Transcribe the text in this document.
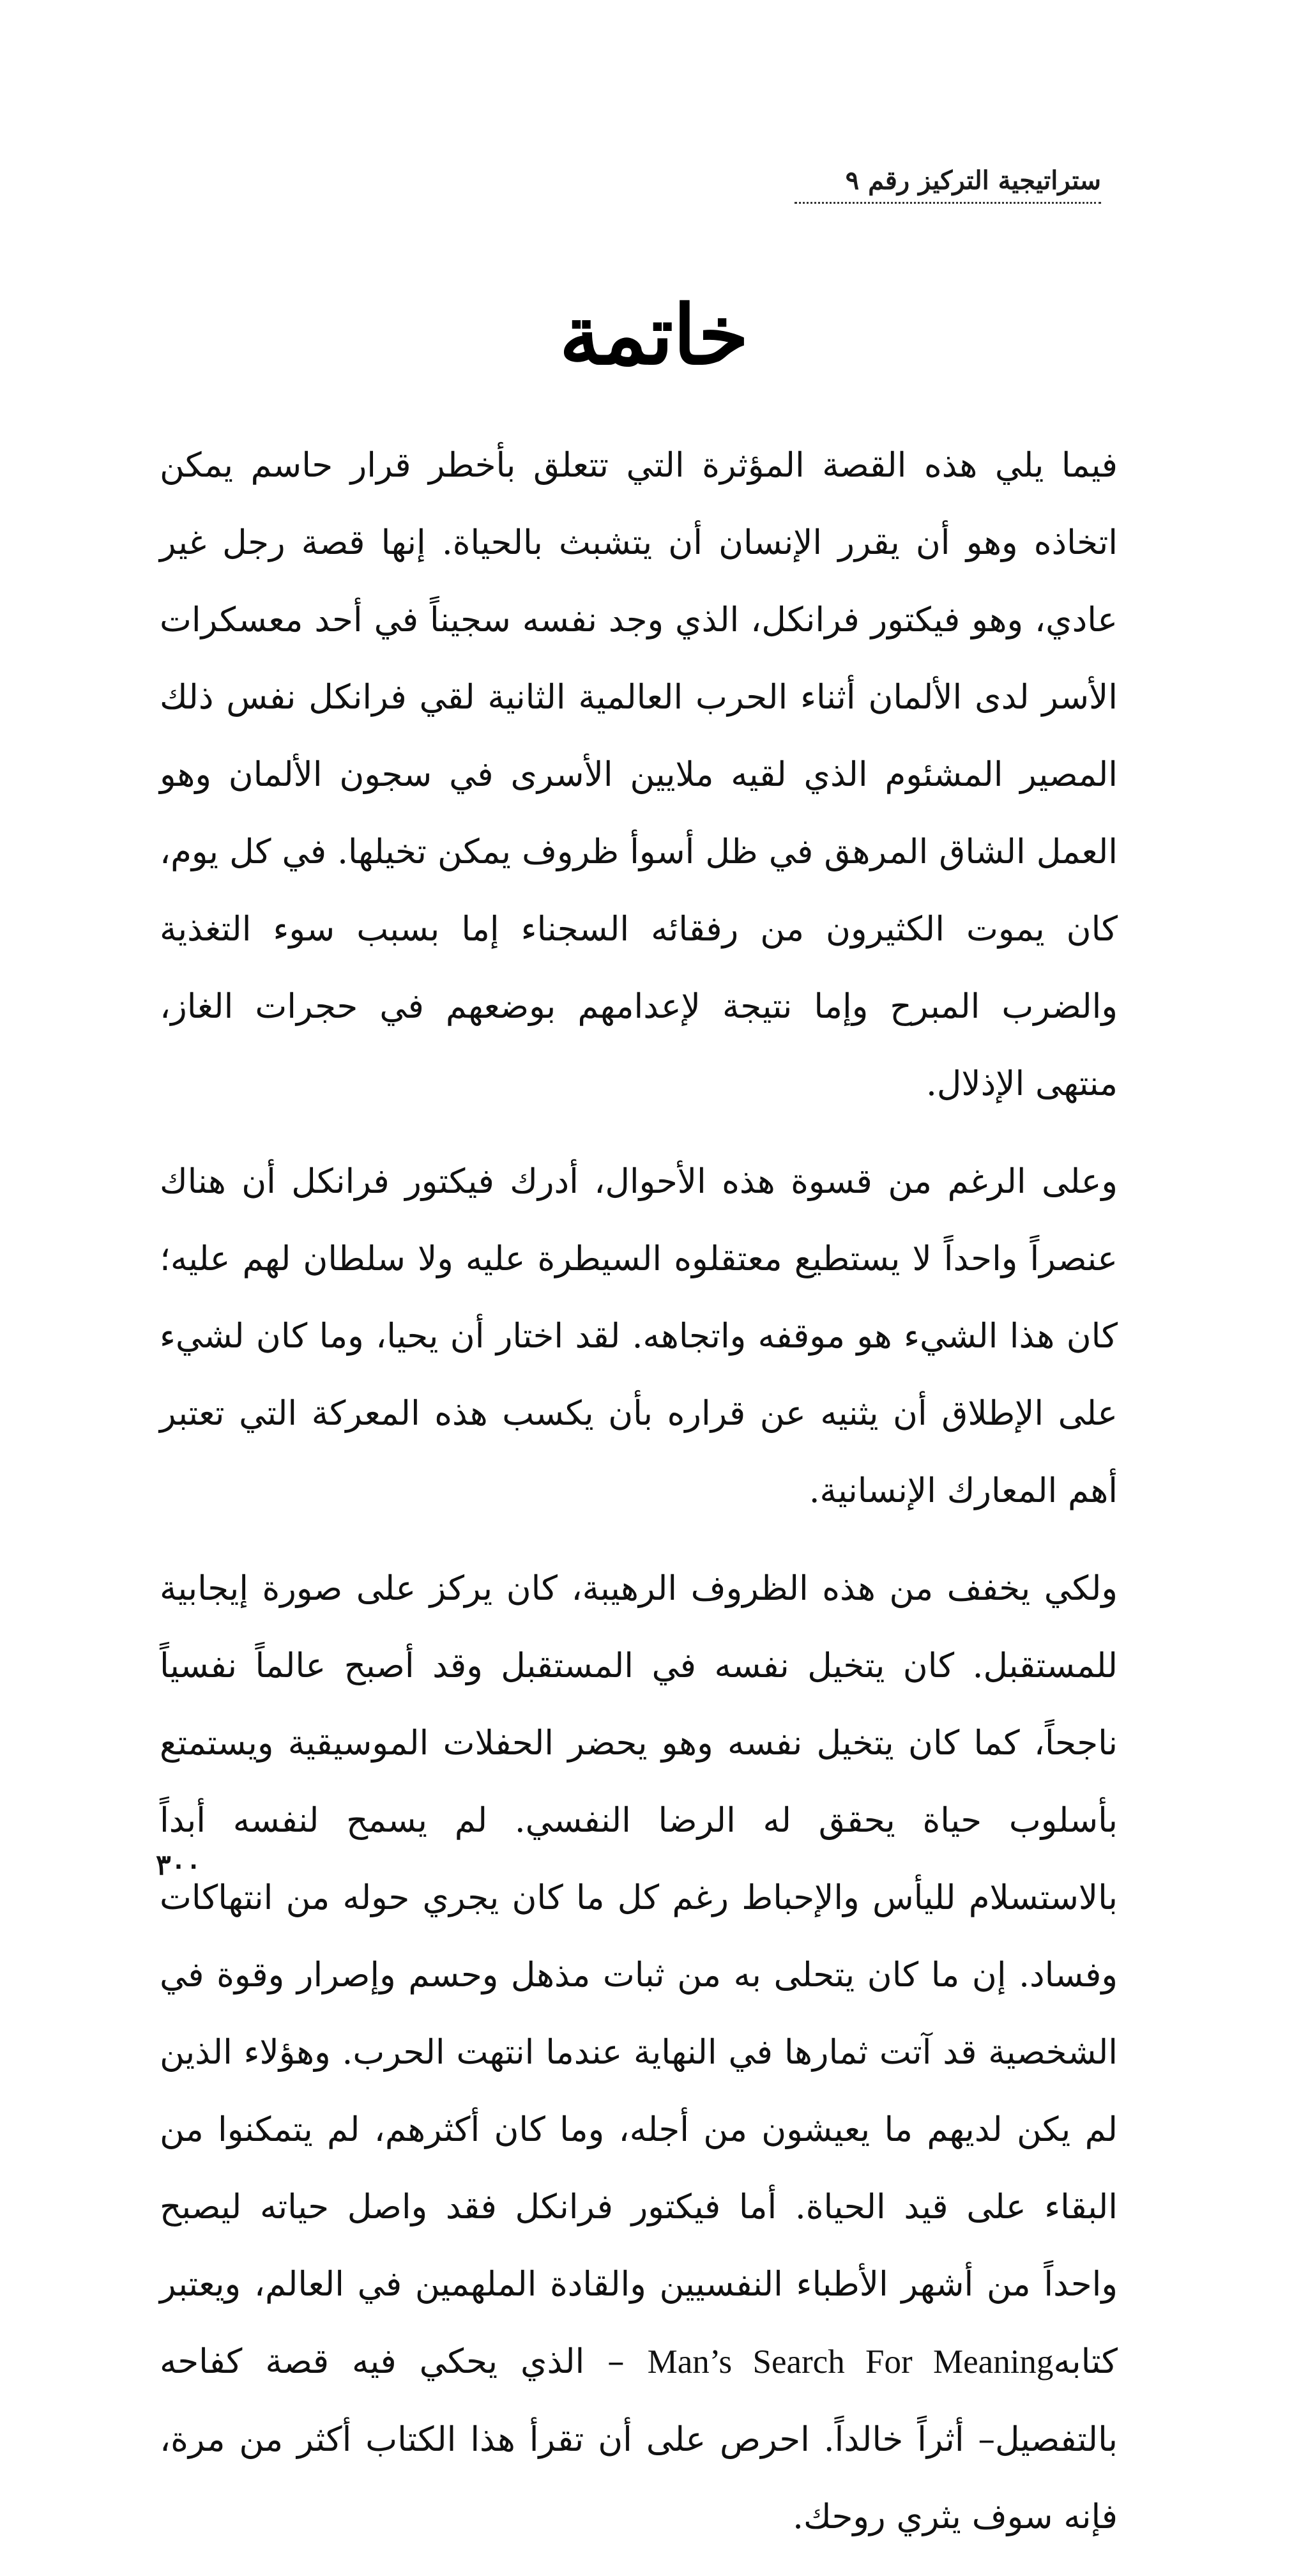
ستراتيجية التركيز رقم ٩
خاتمة

فيما يلي هذه القصة المؤثرة التي تتعلق بأخطر قرار حاسم يمكن اتخاذه وهو أن يقرر الإنسان أن يتشبث بالحياة. إنها قصة رجل غير عادي، وهو فيكتور فرانكل، الذي وجد نفسه سجيناً في أحد معسكرات الأسر لدى الألمان أثناء الحرب العالمية الثانية لقي فرانكل نفس ذلك المصير المشئوم الذي لقيه ملايين الأسرى في سجون الألمان وهو العمل الشاق المرهق في ظل أسوأ ظروف يمكن تخيلها. في كل يوم، كان يموت الكثيرون من رفقائه السجناء إما بسبب سوء التغذية والضرب المبرح وإما نتيجة لإعدامهم بوضعهم في حجرات الغاز، منتهى الإذلال.

وعلى الرغم من قسوة هذه الأحوال، أدرك فيكتور فرانكل أن هناك عنصراً واحداً لا يستطيع معتقلوه السيطرة عليه ولا سلطان لهم عليه؛ كان هذا الشيء هو موقفه واتجاهه. لقد اختار أن يحيا، وما كان لشيء على الإطلاق أن يثنيه عن قراره بأن يكسب هذه المعركة التي تعتبر أهم المعارك الإنسانية.

ولكي يخفف من هذه الظروف الرهيبة، كان يركز على صورة إيجابية للمستقبل. كان يتخيل نفسه في المستقبل وقد أصبح عالماً نفسياً ناجحاً، كما كان يتخيل نفسه وهو يحضر الحفلات الموسيقية ويستمتع بأسلوب حياة يحقق له الرضا النفسي. لم يسمح لنفسه أبداً بالاستسلام لليأس والإحباط رغم كل ما كان يجري حوله من انتهاكات وفساد. إن ما كان يتحلى به من ثبات مذهل وحسم وإصرار وقوة في الشخصية قد آتت ثمارها في النهاية عندما انتهت الحرب. وهؤلاء الذين لم يكن لديهم ما يعيشون من أجله، وما كان أكثرهم، لم يتمكنوا من البقاء على قيد الحياة. أما فيكتور فرانكل فقد واصل حياته ليصبح واحداً من أشهر الأطباء النفسيين والقادة الملهمين في العالم، ويعتبر كتابهMan’s Search For Meaning – الذي يحكي فيه قصة كفاحه بالتفصيل– أثراً خالداً. احرص على أن تقرأ هذا الكتاب أكثر من مرة، فإنه سوف يثري روحك.

٣٠٠
